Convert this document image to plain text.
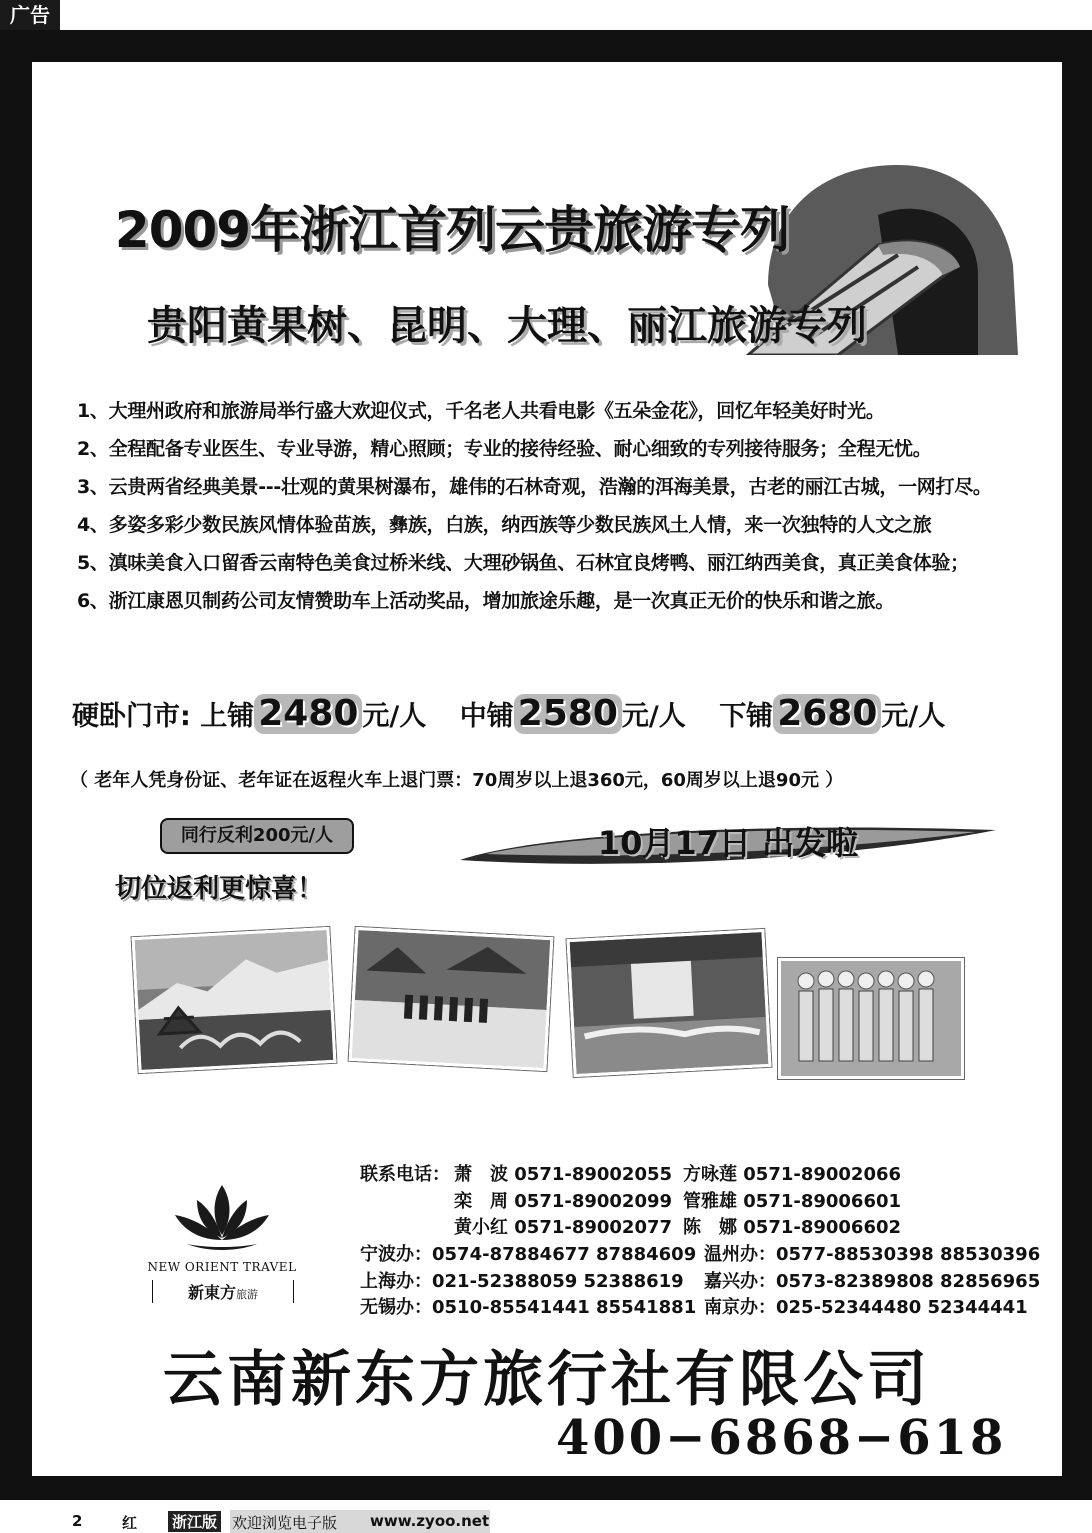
广告
2009年浙江首列云贵旅游专列
贵阳黄果树、昆明、大理、丽江旅游专列
1、大理州政府和旅游局举行盛大欢迎仪式，千名老人共看电影《五朵金花》，回忆年轻美好时光。
2、全程配备专业医生、专业导游，精心照顾；专业的接待经验、耐心细致的专列接待服务；全程无忧。
3、云贵两省经典美景---壮观的黄果树瀑布，雄伟的石林奇观，浩瀚的洱海美景，古老的丽江古城，一网打尽。
4、多姿多彩少数民族风情体验苗族，彝族，白族，纳西族等少数民族风土人情，来一次独特的人文之旅
5、滇味美食入口留香云南特色美食过桥米线、大理砂锅鱼、石林宜良烤鸭、丽江纳西美食，真正美食体验；
6、浙江康恩贝制药公司友情赞助车上活动奖品，增加旅途乐趣，是一次真正无价的快乐和谐之旅。
硬卧门市: 上铺 2480 元/人 中铺 2580 元/人 下铺 2680 元/人
（ 老年人凭身份证、老年证在返程火车上退门票：70周岁以上退360元，60周岁以上退90元 ）
同行反利200元/人
切位返利更惊喜！
10月17日 出发啦
NEW ORIENT TRAVEL
新東方旅游
联系电话： 萧　波 0571-89002055 方咏莲 0571-89002066
栾　周 0571-89002099 管雅雄 0571-89006601
黄小红 0571-89002077 陈　娜 0571-89006602
宁波办：0574-87884677 87884609 温州办：0577-88530398 88530396
上海办：021-52388059 52388619 嘉兴办：0573-82389808 82856965
无锡办：0510-85541441 85541881 南京办：025-52344480 52344441
云南新东方旅行社有限公司
400−6868−618
2	红 浙江版 欢迎浏览电子版 www.zyoo.net
